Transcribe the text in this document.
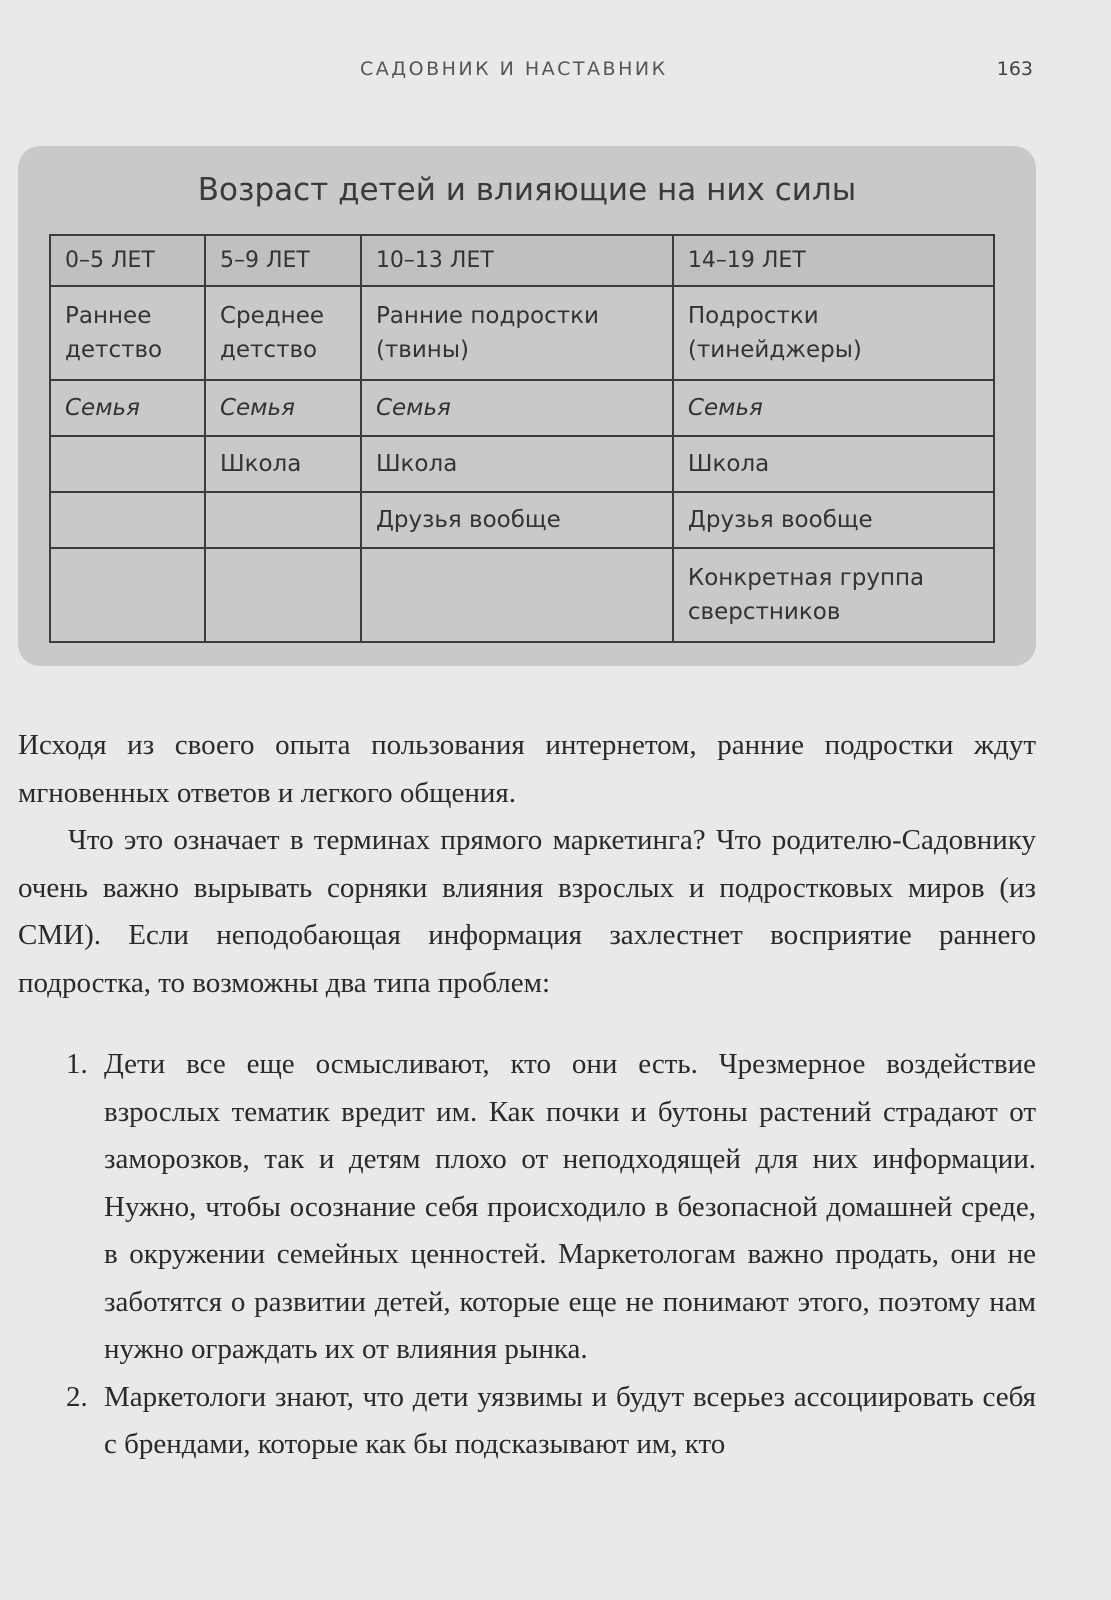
САДОВНИК И НАСТАВНИК	163
Возраст детей и влияющие на них силы
0–5 ЛЕТ	5–9 ЛЕТ	10–13 ЛЕТ	14–19 ЛЕТ
Раннее детство	Среднее детство	Ранние подростки (твины)	Подростки (тинейджеры)
Семья	Семья	Семья	Семья
	Школа	Школа	Школа
		Друзья вообще	Друзья вообще
			Конкретная группа сверстников

Исходя из своего опыта пользования интернетом, ранние подростки ждут мгновенных ответов и легкого общения.

Что это означает в терминах прямого маркетинга? Что родителю-Садовнику очень важно вырывать сорняки влияния взрослых и подростковых миров (из СМИ). Если неподобающая информация захлестнет восприятие раннего подростка, то возможны два типа проблем:

1. Дети все еще осмысливают, кто они есть. Чрезмерное воздействие взрослых тематик вредит им. Как почки и бутоны растений страдают от заморозков, так и детям плохо от неподходящей для них информации. Нужно, чтобы осознание себя происходило в безопасной домашней среде, в окружении семейных ценностей. Маркетологам важно продать, они не заботятся о развитии детей, которые еще не понимают этого, поэтому нам нужно ограждать их от влияния рынка.
2. Маркетологи знают, что дети уязвимы и будут всерьез ассоциировать себя с брендами, которые как бы подсказывают им, кто
